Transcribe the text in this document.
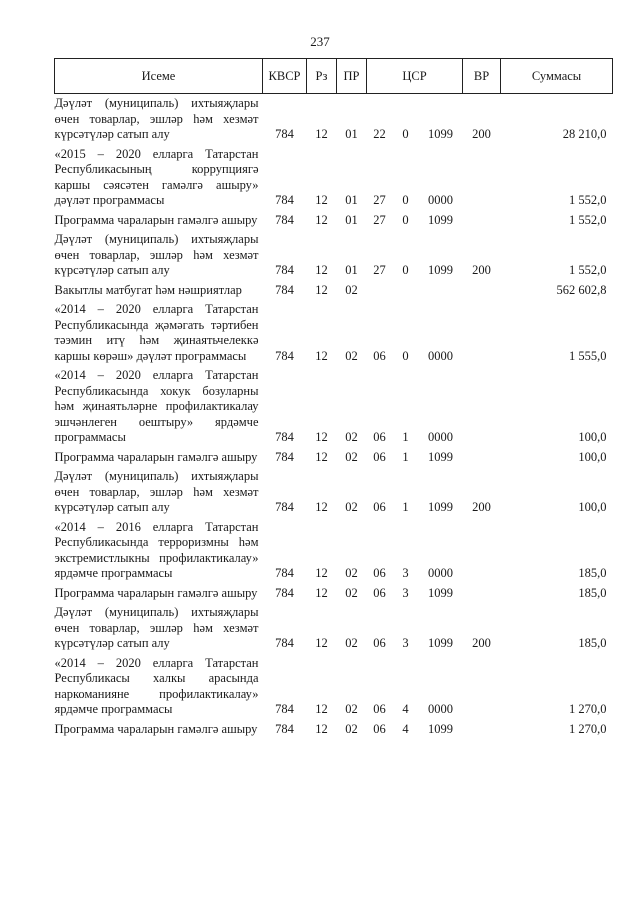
237
Исеме	КВСР	Рз	ПР	ЦСР			ВР	Суммасы

Дәүләт (муниципаль) ихтыяҗлары өчен товарлар, эшләр һәм хезмәт күрсәтүләр сатып алу	784	12	01	22	0	1099	200	28 210,0

«2015 – 2020 елларга Татарстан Республикасының коррупциягә каршы сәясәтен гамәлгә ашыру» дәүләт программасы	784	12	01	27	0	0000		1 552,0

Программа чараларын гамәлгә ашыру	784	12	01	27	0	1099		1 552,0

Дәүләт (муниципаль) ихтыяҗлары өчен товарлар, эшләр һәм хезмәт күрсәтүләр сатып алу	784	12	01	27	0	1099	200	1 552,0

Вакытлы матбугат һәм нәшриятлар	784	12	02					562 602,8

«2014 – 2020 елларга Татарстан Республикасында җәмәгать тәртибен тәэмин итү һәм җинаятьчелеккә каршы көрәш» дәүләт программасы	784	12	02	06	0	0000		1 555,0

«2014 – 2020 елларга Татарстан Республикасында хокук бозуларны һәм җинаятьләрне профилактикалау эшчәнлеген оештыру» ярдәмче программасы	784	12	02	06	1	0000		100,0

Программа чараларын гамәлгә ашыру	784	12	02	06	1	1099		100,0

Дәүләт (муниципаль) ихтыяҗлары өчен товарлар, эшләр һәм хезмәт күрсәтүләр сатып алу	784	12	02	06	1	1099	200	100,0

«2014 – 2016 елларга Татарстан Республикасында терроризмны һәм экстремистлыкны профилактикалау» ярдәмче программасы	784	12	02	06	3	0000		185,0

Программа чараларын гамәлгә ашыру	784	12	02	06	3	1099		185,0

Дәүләт (муниципаль) ихтыяҗлары өчен товарлар, эшләр һәм хезмәт күрсәтүләр сатып алу	784	12	02	06	3	1099	200	185,0

«2014 – 2020 елларга Татарстан Республикасы халкы арасында наркоманияне профилактикалау» ярдәмче программасы	784	12	02	06	4	0000		1 270,0

Программа чараларын гамәлгә ашыру	784	12	02	06	4	1099		1 270,0
